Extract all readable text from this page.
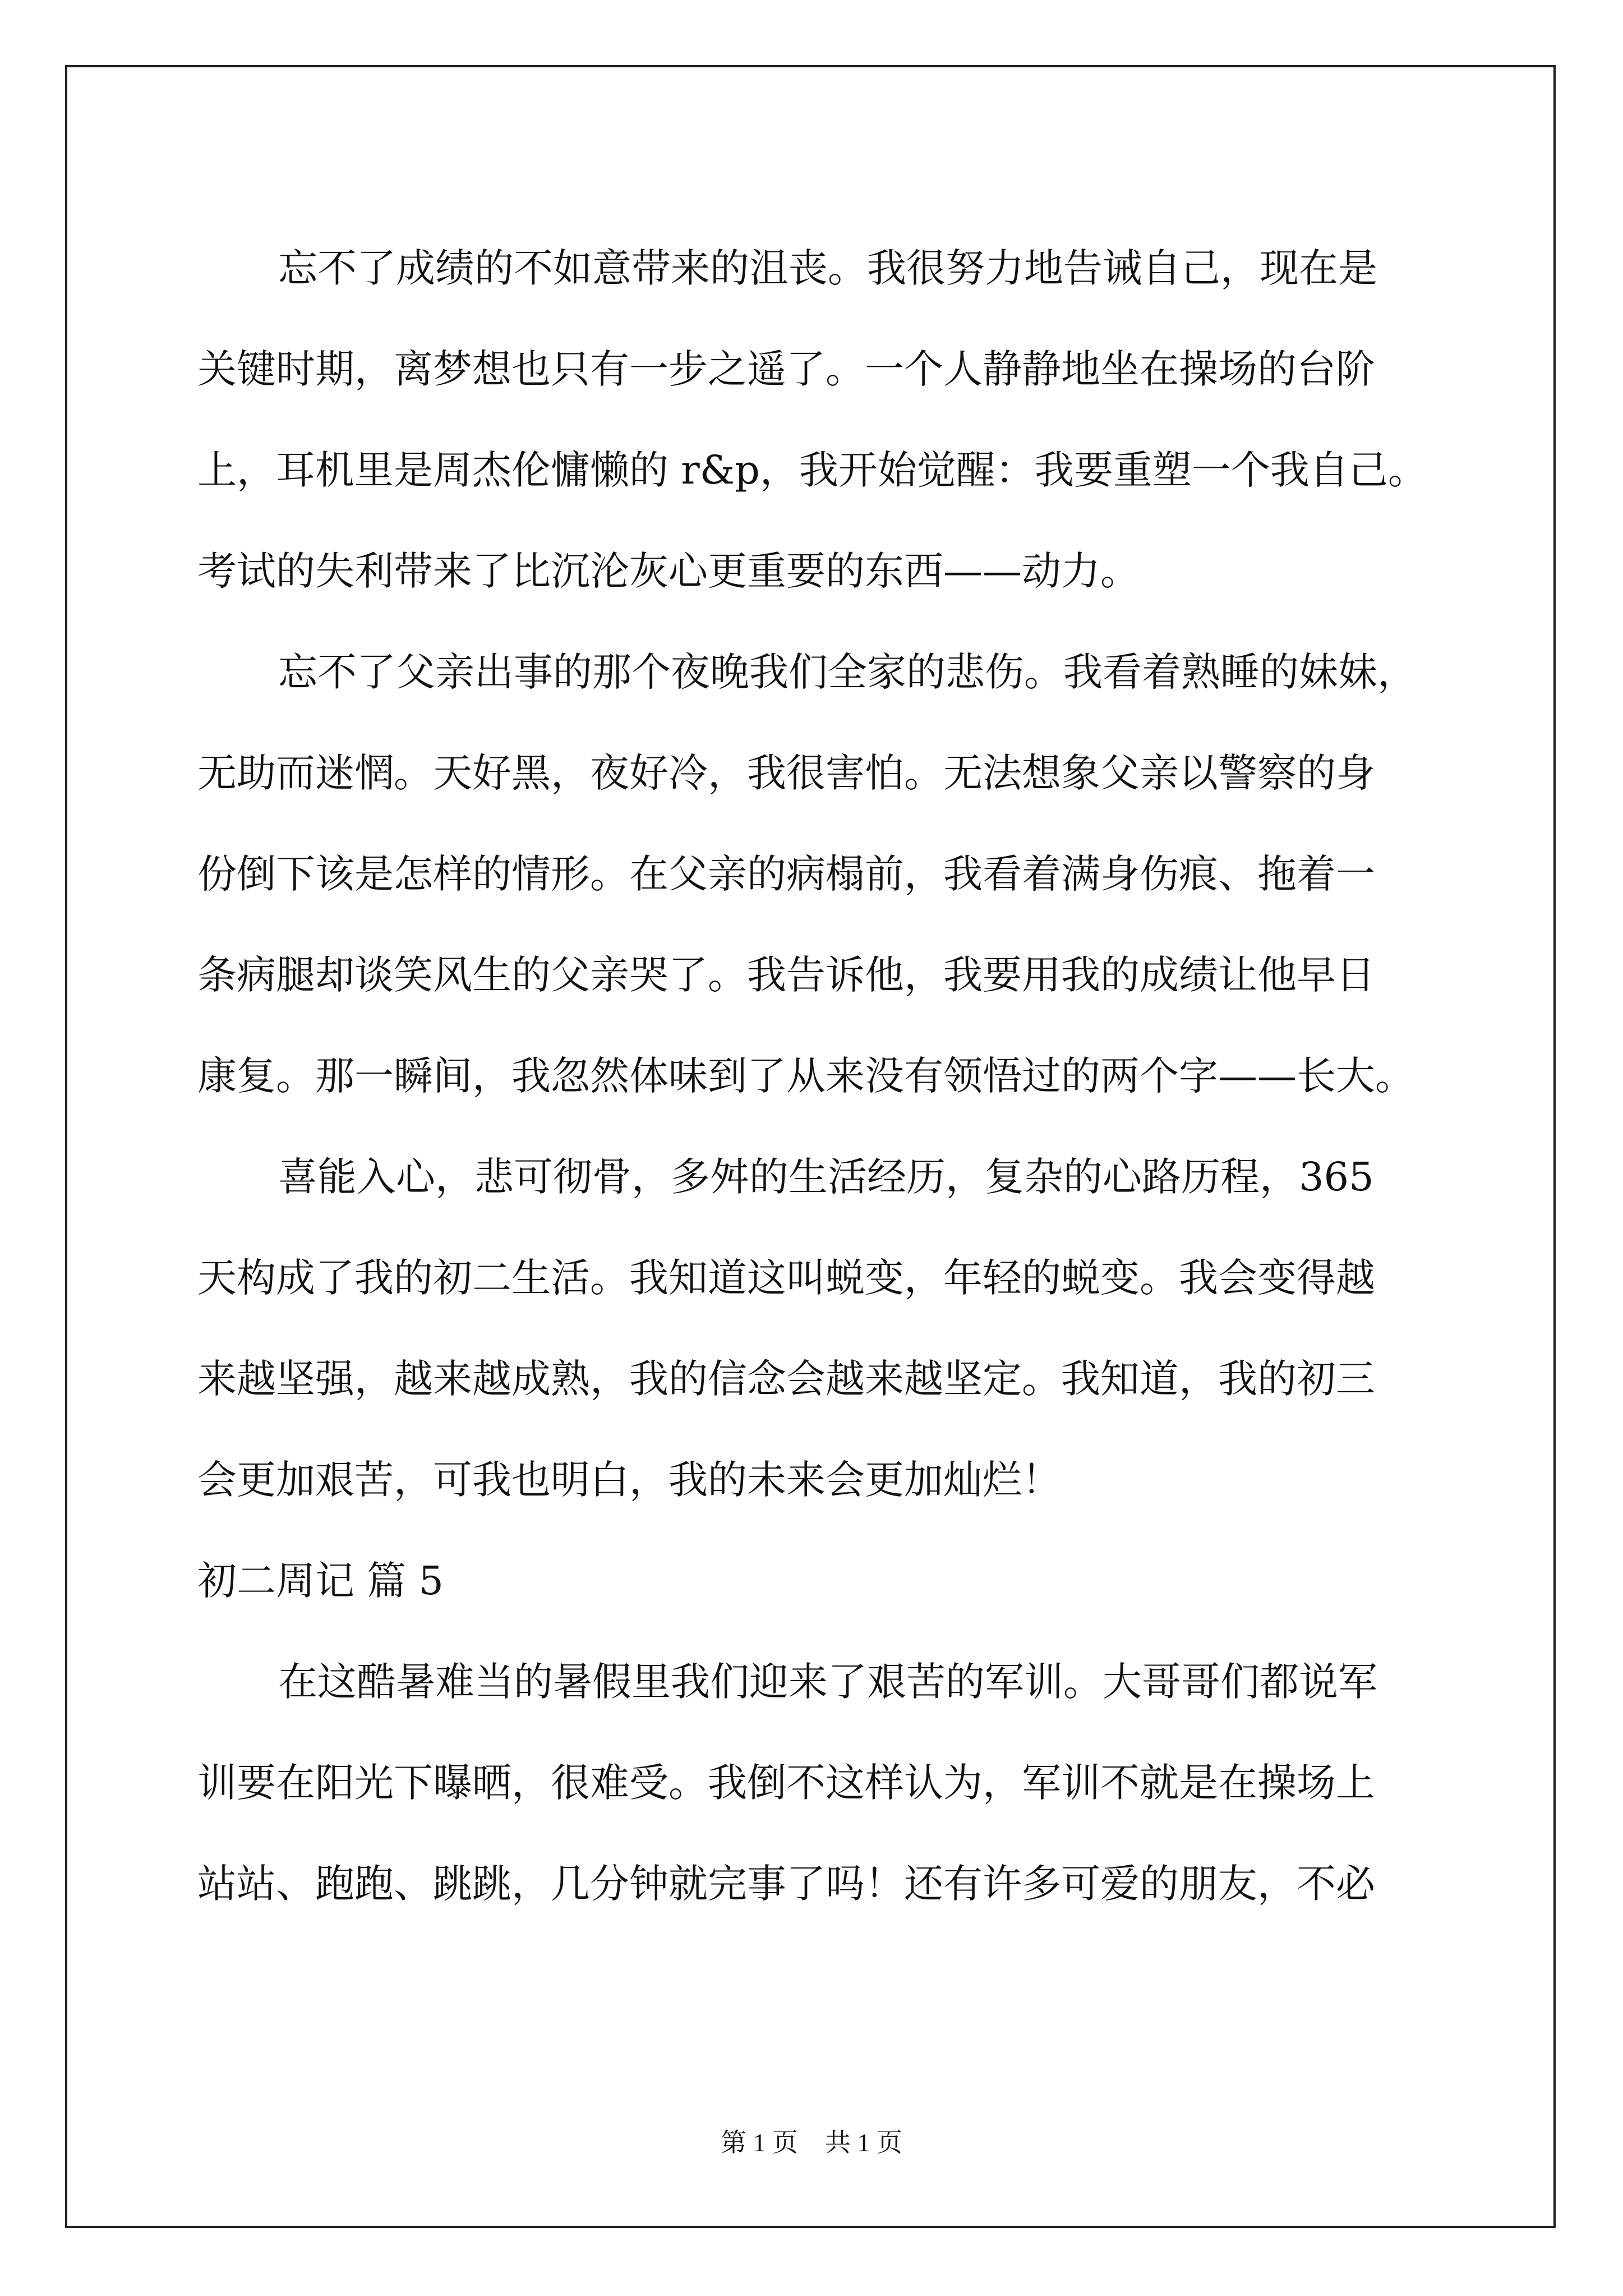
忘不了成绩的不如意带来的沮丧。我很努力地告诫自己，现在是
关键时期，离梦想也只有一步之遥了。一个人静静地坐在操场的台阶
上，耳机里是周杰伦慵懒的 r&p，我开始觉醒：我要重塑一个我自己。
考试的失利带来了比沉沦灰心更重要的东西——动力。
忘不了父亲出事的那个夜晚我们全家的悲伤。我看着熟睡的妹妹，
无助而迷惘。天好黑，夜好冷，我很害怕。无法想象父亲以警察的身
份倒下该是怎样的情形。在父亲的病榻前，我看着满身伤痕、拖着一
条病腿却谈笑风生的父亲哭了。我告诉他，我要用我的成绩让他早日
康复。那一瞬间，我忽然体味到了从来没有领悟过的两个字——长大。
喜能入心，悲可彻骨，多舛的生活经历，复杂的心路历程，365
天构成了我的初二生活。我知道这叫蜕变，年轻的蜕变。我会变得越
来越坚强，越来越成熟，我的信念会越来越坚定。我知道，我的初三
会更加艰苦，可我也明白，我的未来会更加灿烂！
初二周记 篇 5
在这酷暑难当的暑假里我们迎来了艰苦的军训。大哥哥们都说军
训要在阳光下曝晒，很难受。我倒不这样认为，军训不就是在操场上
站站、跑跑、跳跳，几分钟就完事了吗！还有许多可爱的朋友，不必
第 1 页 共 1 页
